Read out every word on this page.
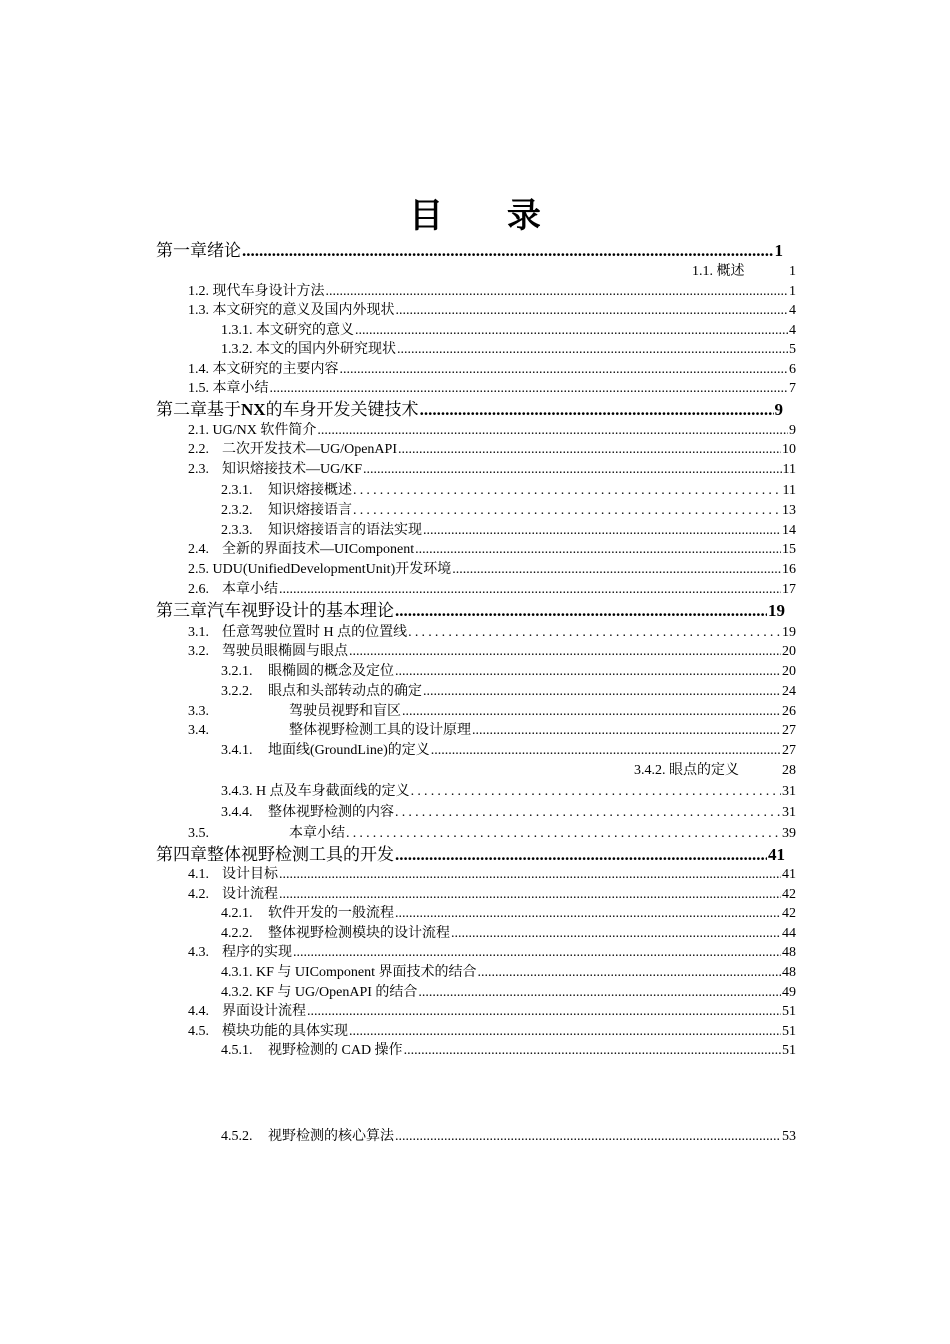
目 录
第一章绪论 .....	1
1.1. 概述	1
1.2. 现代车身设计方法 .....	1
1.3. 本文研究的意义及国内外现状 .....	4
1.3.1. 本文研究的意义 .....	4
1.3.2. 本文的国内外研究现状 .....	5
1.4. 本文研究的主要内容 .....	6
1.5. 本章小结 .....	7
第二章基于NX的车身开发关键技术 .....	9
2.1. UG/NX 软件简介 .....	9
2.2. 二次开发技术—UG/OpenAPI .....	10
2.3. 知识熔接技术—UG/KF .....	11
2.3.1.	知识熔接概述 .....	11
2.3.2.	知识熔接语言 .....	13
2.3.3.	知识熔接语言的语法实现 .....	14
2.4. 全新的界面技术—UIComponent .....	15
2.5. UDU(UnifiedDevelopmentUnit)开发环境 .....	16
2.6. 本章小结 .....	17
第三章汽车视野设计的基本理论 .....	19
3.1. 任意驾驶位置时 H 点的位置线 .....	19
3.2. 驾驶员眼椭圆与眼点 .....	20
3.2.1.	眼椭圆的概念及定位 .....	20
3.2.2.	眼点和头部转动点的确定 .....	24
3.3.	驾驶员视野和盲区 .....	26
3.4.	整体视野检测工具的设计原理 .....	27
3.4.1.	地面线(GroundLine)的定义 .....	27
3.4.2. 眼点的定义	28
3.4.3. H 点及车身截面线的定义 .....	31
3.4.4.	整体视野检测的内容 .....	31
3.5.	本章小结 .....	39
第四章整体视野检测工具的开发 .....	41
4.1. 设计目标 .....	41
4.2. 设计流程 .....	42
4.2.1.	软件开发的一般流程 .....	42
4.2.2.	整体视野检测模块的设计流程 .....	44
4.3. 程序的实现 .....	48
4.3.1. KF 与 UIComponent 界面技术的结合 .....	48
4.3.2. KF 与 UG/OpenAPI 的结合 .....	49
4.4. 界面设计流程 .....	51
4.5. 模块功能的具体实现 .....	51
4.5.1.	视野检测的 CAD 操作 .....	51
4.5.2.	视野检测的核心算法 .....	53
